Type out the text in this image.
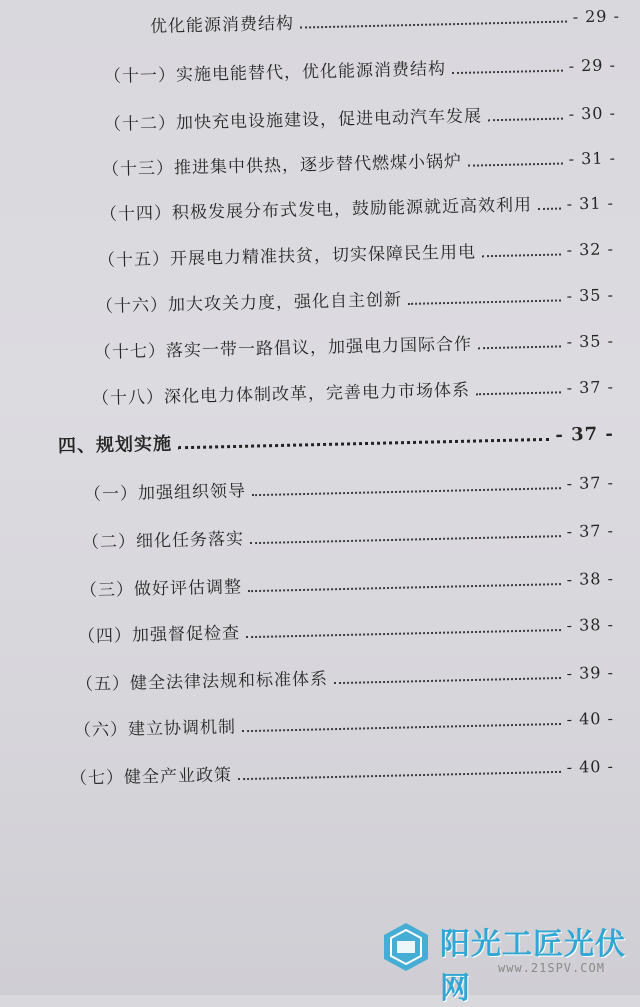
优化能源消费结构	- 29 -
（十一）实施电能替代，优化能源消费结构	- 29 -
（十二）加快充电设施建设，促进电动汽车发展	- 30 -
（十三）推进集中供热，逐步替代燃煤小锅炉	- 31 -
（十四）积极发展分布式发电，鼓励能源就近高效利用 - 31 -
（十五）开展电力精准扶贫，切实保障民生用电	- 32 -
（十六）加大攻关力度，强化自主创新	- 35 -
（十七）落实一带一路倡议，加强电力国际合作	- 35 -
（十八）深化电力体制改革，完善电力市场体系	- 37 -
四、规划实施	- 37 -
（一）加强组织领导	- 37 -
（二）细化任务落实	- 37 -
（三）做好评估调整	- 38 -
（四）加强督促检查	- 38 -
（五）健全法律法规和标准体系	- 39 -
（六）建立协调机制	- 40 -
（七）健全产业政策	- 40 -
阳光工匠光伏网
www.21SPV.COM
